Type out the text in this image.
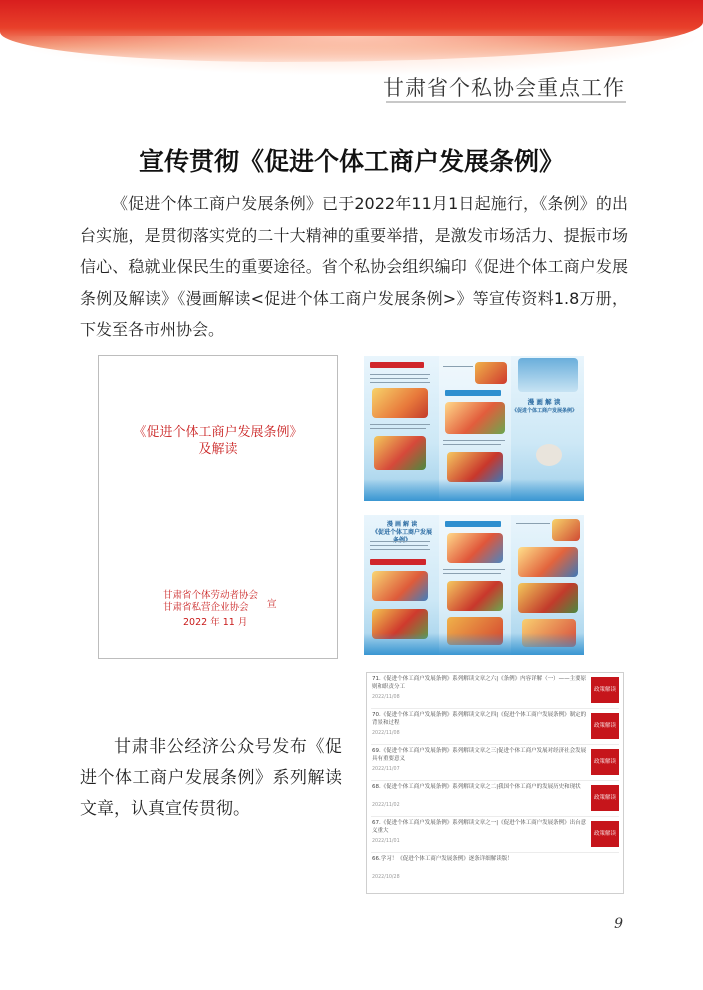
甘肃省个私协会重点工作
宣传贯彻《促进个体工商户发展条例》

《促进个体工商户发展条例》已于2022年11月1日起施行，《条例》的出台实施，是贯彻落实党的二十大精神的重要举措，是激发市场活力、提振市场信心、稳就业保民生的重要途径。省个私协会组织编印《促进个体工商户发展条例及解读》《漫画解读<促进个体工商户发展条例>》等宣传资料1.8万册，下发至各市州协会。

《促进个体工商户发展条例》
及解读
甘肃省个体劳动者协会
甘肃省私营企业协会	宣
2022 年 11 月
漫 画 解 读
《促进个体工商户发展条例》
漫 画 解 读
《促进个体工商户发展

甘肃非公经济公众号发布《促进个体工商户发展条例》系列解读文章，认真宣传贯彻。

71.《促进个体工商户发展条例》系列解读文章之六|《条例》内容详解（一）——主要原则和职责分工
2022/11/08
政策解读
70.《促进个体工商户发展条例》系列解读文章之四|《促进个体工商户发展条例》制定的背景和过程
2022/11/08
政策解读
69.《促进个体工商户发展条例》系列解读文章之三|促进个体工商户发展对经济社会发展具有重要意义
2022/11/07
政策解读
68.《促进个体工商户发展条例》系列解读文章之二|我国个体工商户的发展历史和现状
2022/11/02
政策解读
67.《促进个体工商户发展条例》系列解读文章之一|《促进个体工商户发展条例》出台意义重大
2022/11/01
政策解读
66.学习！《促进个体工商户发展条例》逐条详细解读版！
2022/10/28
9
